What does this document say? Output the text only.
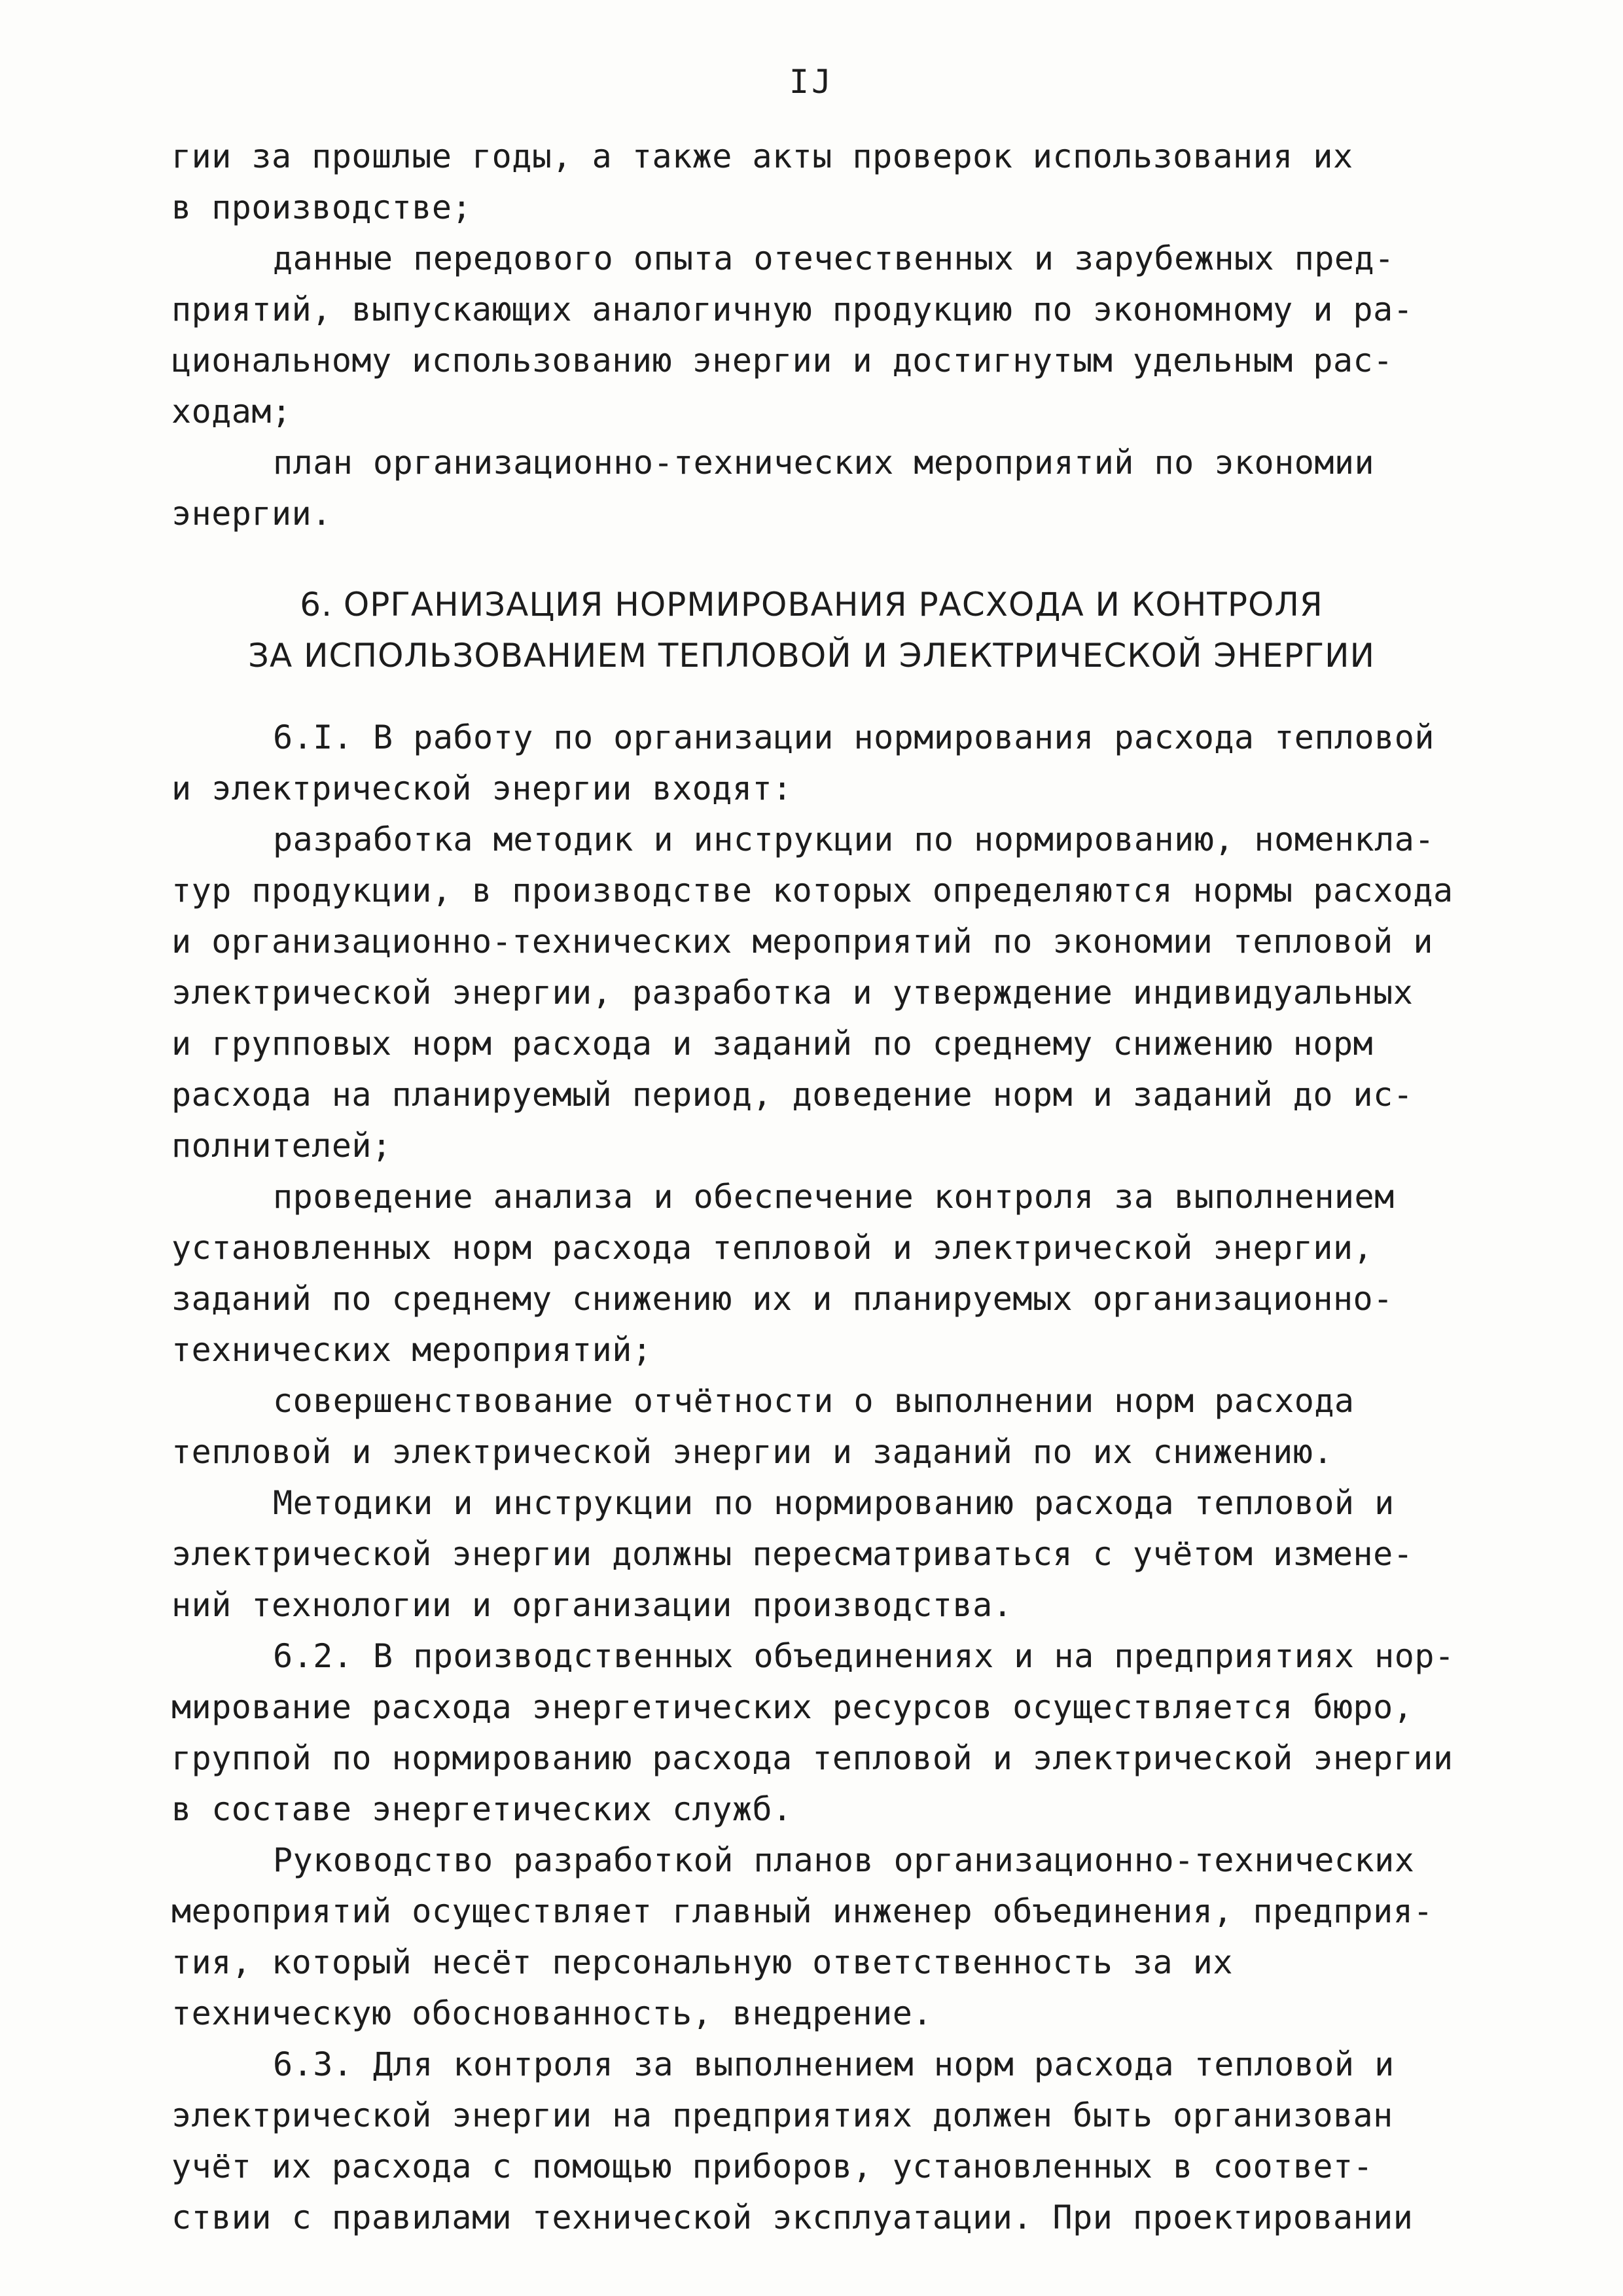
IJ
гии за прошлые годы, а также акты проверок использования их
в производстве;
данные передового опыта отечественных и зарубежных пред-
приятий, выпускающих аналогичную продукцию по экономному и ра-
циональному использованию энергии и достигнутым удельным рас-
ходам;
план организационно-технических мероприятий по экономии
энергии.
6. ОРГАНИЗАЦИЯ НОРМИРОВАНИЯ РАСХОДА И КОНТРОЛЯ
ЗА ИСПОЛЬЗОВАНИЕМ ТЕПЛОВОЙ И ЭЛЕКТРИЧЕСКОЙ ЭНЕРГИИ
6.I. В работу по организации нормирования расхода тепловой
и электрической энергии входят:
разработка методик и инструкции по нормированию, номенкла-
тур продукции, в производстве которых определяются нормы расхода
и организационно-технических мероприятий по экономии тепловой и
электрической энергии, разработка и утверждение индивидуальных
и групповых норм расхода и заданий по среднему снижению норм
расхода на планируемый период, доведение норм и заданий до ис-
полнителей;
проведение анализа и обеспечение контроля за выполнением
установленных норм расхода тепловой и электрической энергии,
заданий по среднему снижению их и планируемых организационно-
технических мероприятий;
совершенствование отчётности о выполнении норм расхода
тепловой и электрической энергии и заданий по их снижению.
Методики и инструкции по нормированию расхода тепловой и
электрической энергии должны пересматриваться с учётом измене-
ний технологии и организации производства.
6.2. В производственных объединениях и на предприятиях нор-
мирование расхода энергетических ресурсов осуществляется бюро,
группой по нормированию расхода тепловой и электрической энергии
в составе энергетических служб.
Руководство разработкой планов организационно-технических
мероприятий осуществляет главный инженер объединения, предприя-
тия, который несёт персональную ответственность за их
техническую обоснованность, внедрение.
6.3. Для контроля за выполнением норм расхода тепловой и
электрической энергии на предприятиях должен быть организован
учёт их расхода с помощью приборов, установленных в соответ-
ствии с правилами технической эксплуатации. При проектировании
